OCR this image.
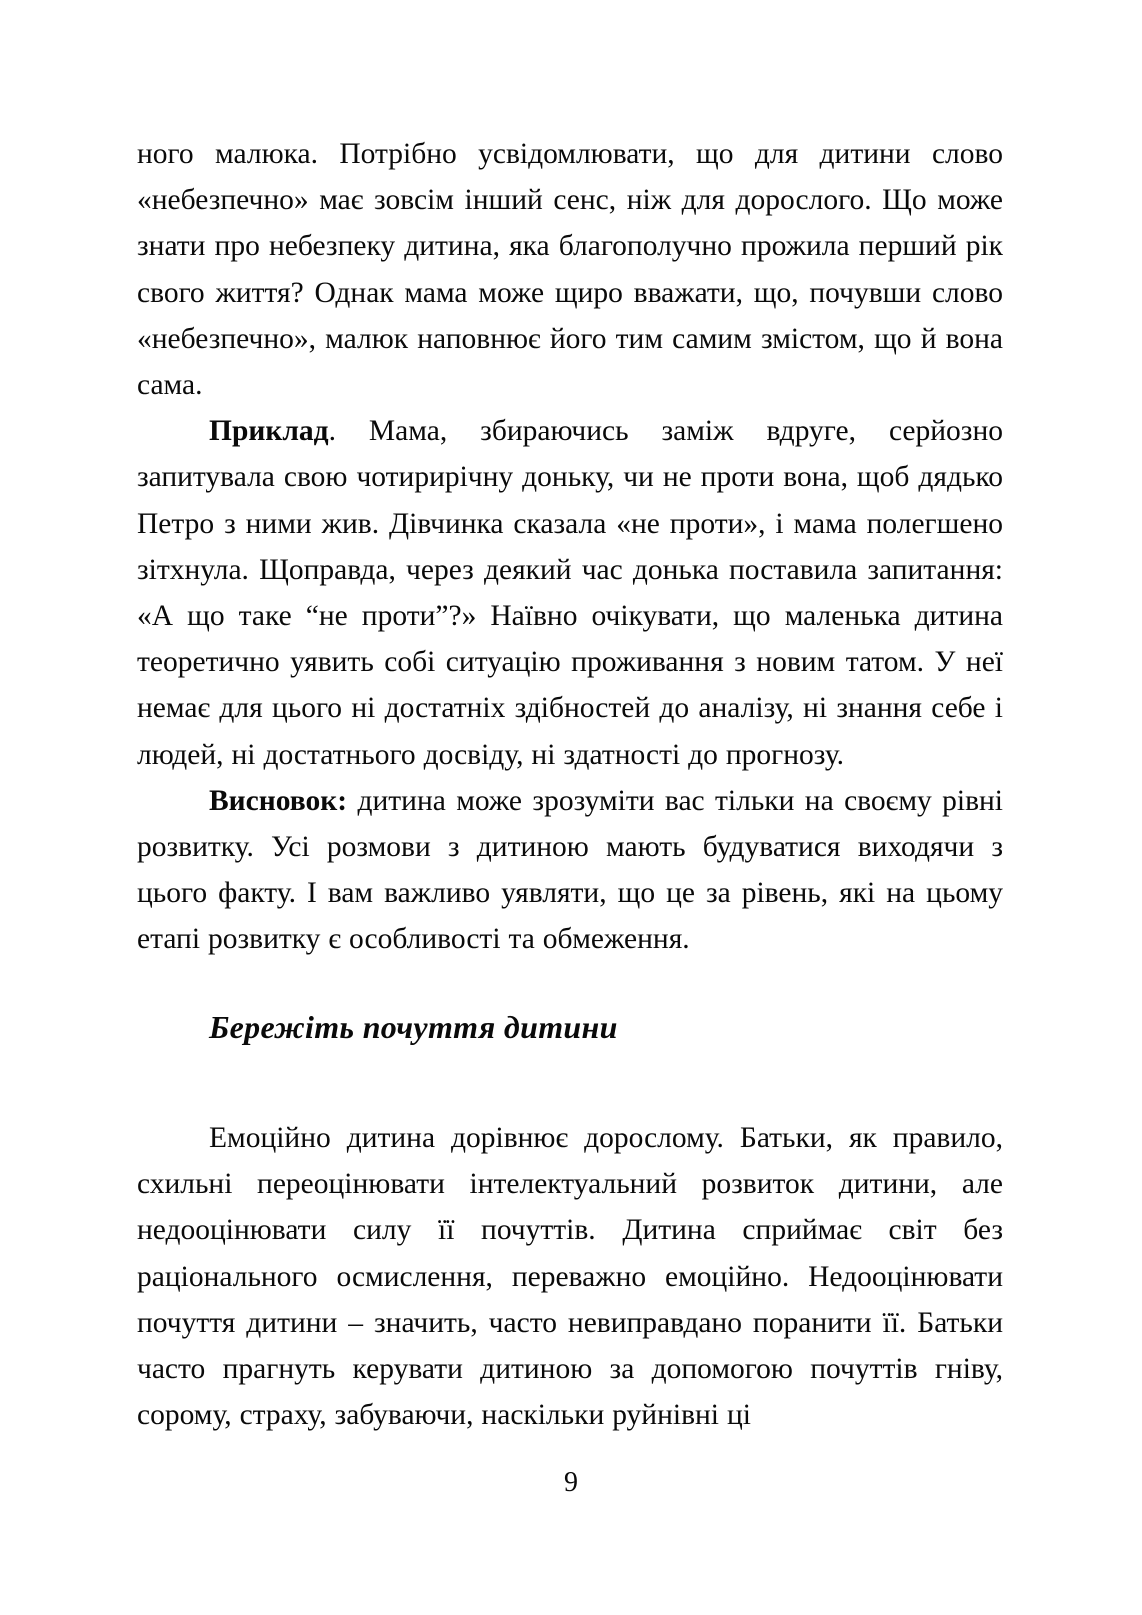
ного малюка. Потрібно усвідомлювати, що для дитини слово «небезпечно» має зовсім інший сенс, ніж для дорослого. Що може знати про небезпеку дитина, яка благополучно прожила перший рік свого життя? Однак мама може щиро вважати, що, почувши слово «небезпечно», малюк наповнює його тим самим змістом, що й вона сама.

Приклад. Мама, збираючись заміж вдруге, серйозно запитувала свою чотирирічну доньку, чи не проти вона, щоб дядько Петро з ними жив. Дівчинка сказала «не проти», і мама полегшено зітхнула. Щоправда, через деякий час донька поставила запитання: «А що таке “не проти”?» Наївно очікувати, що маленька дитина теоретично уявить собі ситуацію проживання з новим татом. У неї немає для цього ні достатніх здібностей до аналізу, ні знання себе і людей, ні достатнього досвіду, ні здатності до прогнозу.

Висновок: дитина може зрозуміти вас тільки на своєму рівні розвитку. Усі розмови з дитиною мають будуватися виходячи з цього факту. І вам важливо уявляти, що це за рівень, які на цьому етапі розвитку є особливості та обмеження.

Бережіть почуття дитини

Емоційно дитина дорівнює дорослому. Батьки, як правило, схильні переоцінювати інтелектуальний розвиток дитини, але недооцінювати силу її почуттів. Дитина сприймає світ без раціонального осмислення, переважно емоційно. Недооцінювати почуття дитини – значить, часто невиправдано поранити її. Батьки часто прагнуть керувати дитиною за допомогою почуттів гніву, сорому, страху, забуваючи, наскільки руйнівні ці

9
